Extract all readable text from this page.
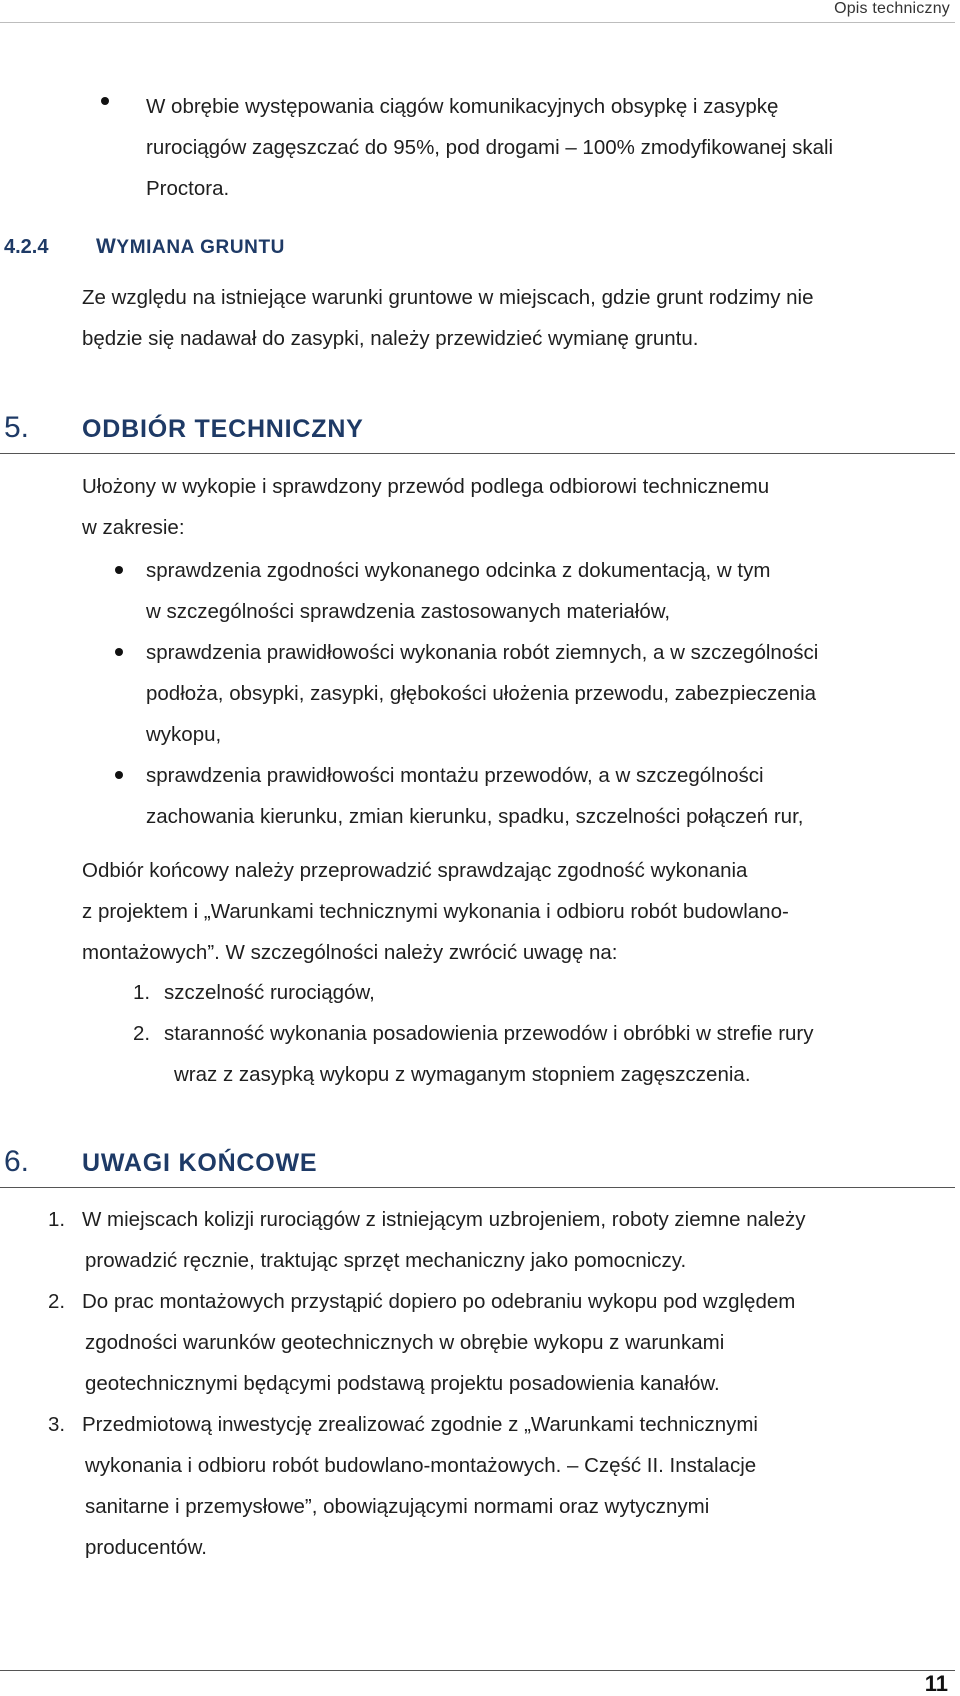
Opis techniczny
W obrębie występowania ciągów komunikacyjnych obsypkę i zasypkę
rurociągów zagęszczać do 95%, pod drogami – 100% zmodyfikowanej skali
Proctora.
4.2.4 WYMIANA GRUNTU
Ze względu na istniejące warunki gruntowe w miejscach, gdzie grunt rodzimy nie
będzie się nadawał do zasypki, należy przewidzieć wymianę gruntu.
5. ODBIÓR TECHNICZNY
Ułożony w wykopie i sprawdzony przewód podlega odbiorowi technicznemu
w zakresie:
sprawdzenia zgodności wykonanego odcinka z dokumentacją, w tym
w szczególności sprawdzenia zastosowanych materiałów,
sprawdzenia prawidłowości wykonania robót ziemnych, a w szczególności
podłoża, obsypki, zasypki, głębokości ułożenia przewodu, zabezpieczenia
wykopu,
sprawdzenia prawidłowości montażu przewodów, a w szczególności
zachowania kierunku, zmian kierunku, spadku, szczelności połączeń rur,
Odbiór końcowy należy przeprowadzić sprawdzając zgodność wykonania
z projektem i „Warunkami technicznymi wykonania i odbioru robót budowlano-
montażowych”. W szczególności należy zwrócić uwagę na:
1. szczelność rurociągów,
2. staranność wykonania posadowienia przewodów i obróbki w strefie rury
wraz z zasypką wykopu z wymaganym stopniem zagęszczenia.
6. UWAGI KOŃCOWE
1. W miejscach kolizji rurociągów z istniejącym uzbrojeniem, roboty ziemne należy
prowadzić ręcznie, traktując sprzęt mechaniczny jako pomocniczy.
2. Do prac montażowych przystąpić dopiero po odebraniu wykopu pod względem
zgodności warunków geotechnicznych w obrębie wykopu z warunkami
geotechnicznymi będącymi podstawą projektu posadowienia kanałów.
3. Przedmiotową inwestycję zrealizować zgodnie z „Warunkami technicznymi
wykonania i odbioru robót budowlano-montażowych. – Część II. Instalacje
sanitarne i przemysłowe”, obowiązującymi normami oraz wytycznymi
producentów.
11
